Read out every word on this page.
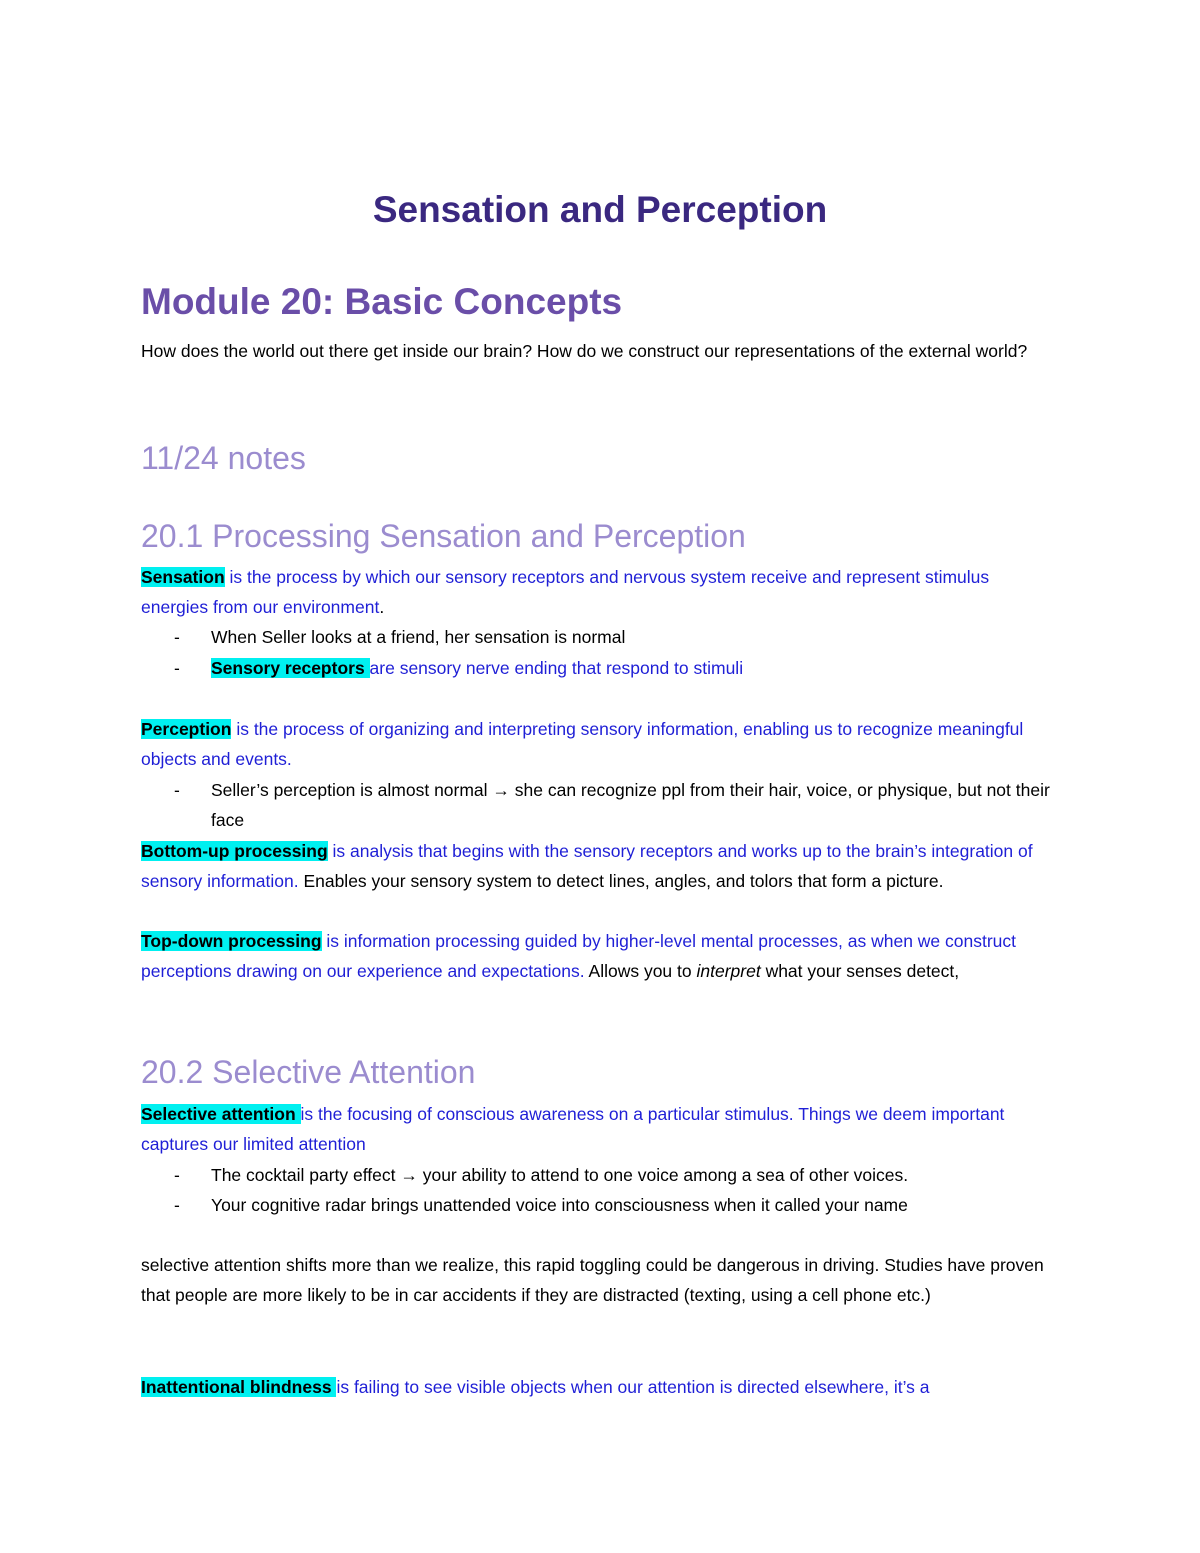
Sensation and Perception
Module 20: Basic Concepts

How does the world out there get inside our brain? How do we construct our representations of the external world?

11/24 notes
20.1 Processing Sensation and Perception

Sensation is the process by which our sensory receptors and nervous system receive and represent stimulus energies from our environment.

- When Seller looks at a friend, her sensation is normal
- Sensory receptors are sensory nerve ending that respond to stimuli

Perception is the process of organizing and interpreting sensory information, enabling us to recognize meaningful objects and events.

- Seller’s perception is almost normal → she can recognize ppl from their hair, voice, or physique, but not their face

Bottom-up processing is analysis that begins with the sensory receptors and works up to the brain’s integration of sensory information. Enables your sensory system to detect lines, angles, and tolors that form a picture.

Top-down processing is information processing guided by higher-level mental processes, as when we construct perceptions drawing on our experience and expectations. Allows you to interpret what your senses detect,

20.2 Selective Attention

Selective attention is the focusing of conscious awareness on a particular stimulus. Things we deem important captures our limited attention

- The cocktail party effect → your ability to attend to one voice among a sea of other voices.
- Your cognitive radar brings unattended voice into consciousness when it called your name

selective attention shifts more than we realize, this rapid toggling could be dangerous in driving. Studies have proven that people are more likely to be in car accidents if they are distracted (texting, using a cell phone etc.)

Inattentional blindness is failing to see visible objects when our attention is directed elsewhere, it’s a
